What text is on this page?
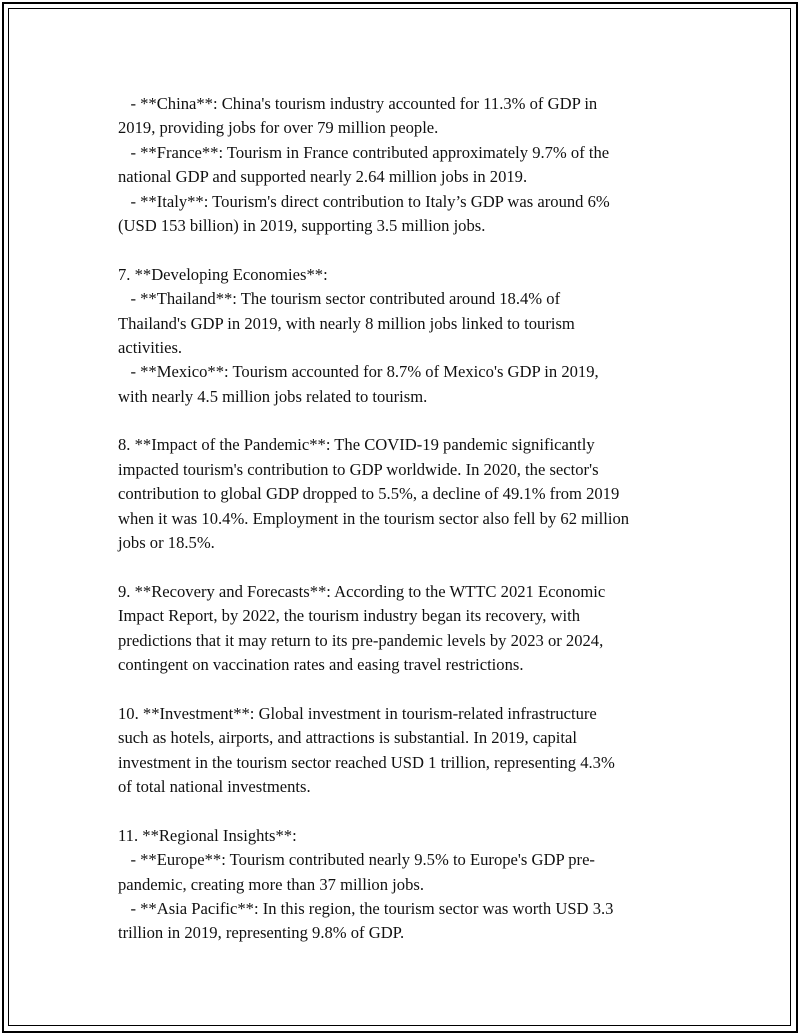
- **China**: China's tourism industry accounted for 11.3% of GDP in
2019, providing jobs for over 79 million people.
- **France**: Tourism in France contributed approximately 9.7% of the
national GDP and supported nearly 2.64 million jobs in 2019.
- **Italy**: Tourism's direct contribution to Italy’s GDP was around 6%
(USD 153 billion) in 2019, supporting 3.5 million jobs.
7. **Developing Economies**:
- **Thailand**: The tourism sector contributed around 18.4% of
Thailand's GDP in 2019, with nearly 8 million jobs linked to tourism
activities.
- **Mexico**: Tourism accounted for 8.7% of Mexico's GDP in 2019,
with nearly 4.5 million jobs related to tourism.
8. **Impact of the Pandemic**: The COVID-19 pandemic significantly
impacted tourism's contribution to GDP worldwide. In 2020, the sector's
contribution to global GDP dropped to 5.5%, a decline of 49.1% from 2019
when it was 10.4%. Employment in the tourism sector also fell by 62 million
jobs or 18.5%.
9. **Recovery and Forecasts**: According to the WTTC 2021 Economic
Impact Report, by 2022, the tourism industry began its recovery, with
predictions that it may return to its pre-pandemic levels by 2023 or 2024,
contingent on vaccination rates and easing travel restrictions.
10. **Investment**: Global investment in tourism-related infrastructure
such as hotels, airports, and attractions is substantial. In 2019, capital
investment in the tourism sector reached USD 1 trillion, representing 4.3%
of total national investments.
11. **Regional Insights**:
- **Europe**: Tourism contributed nearly 9.5% to Europe's GDP pre-
pandemic, creating more than 37 million jobs.
- **Asia Pacific**: In this region, the tourism sector was worth USD 3.3
trillion in 2019, representing 9.8% of GDP.
